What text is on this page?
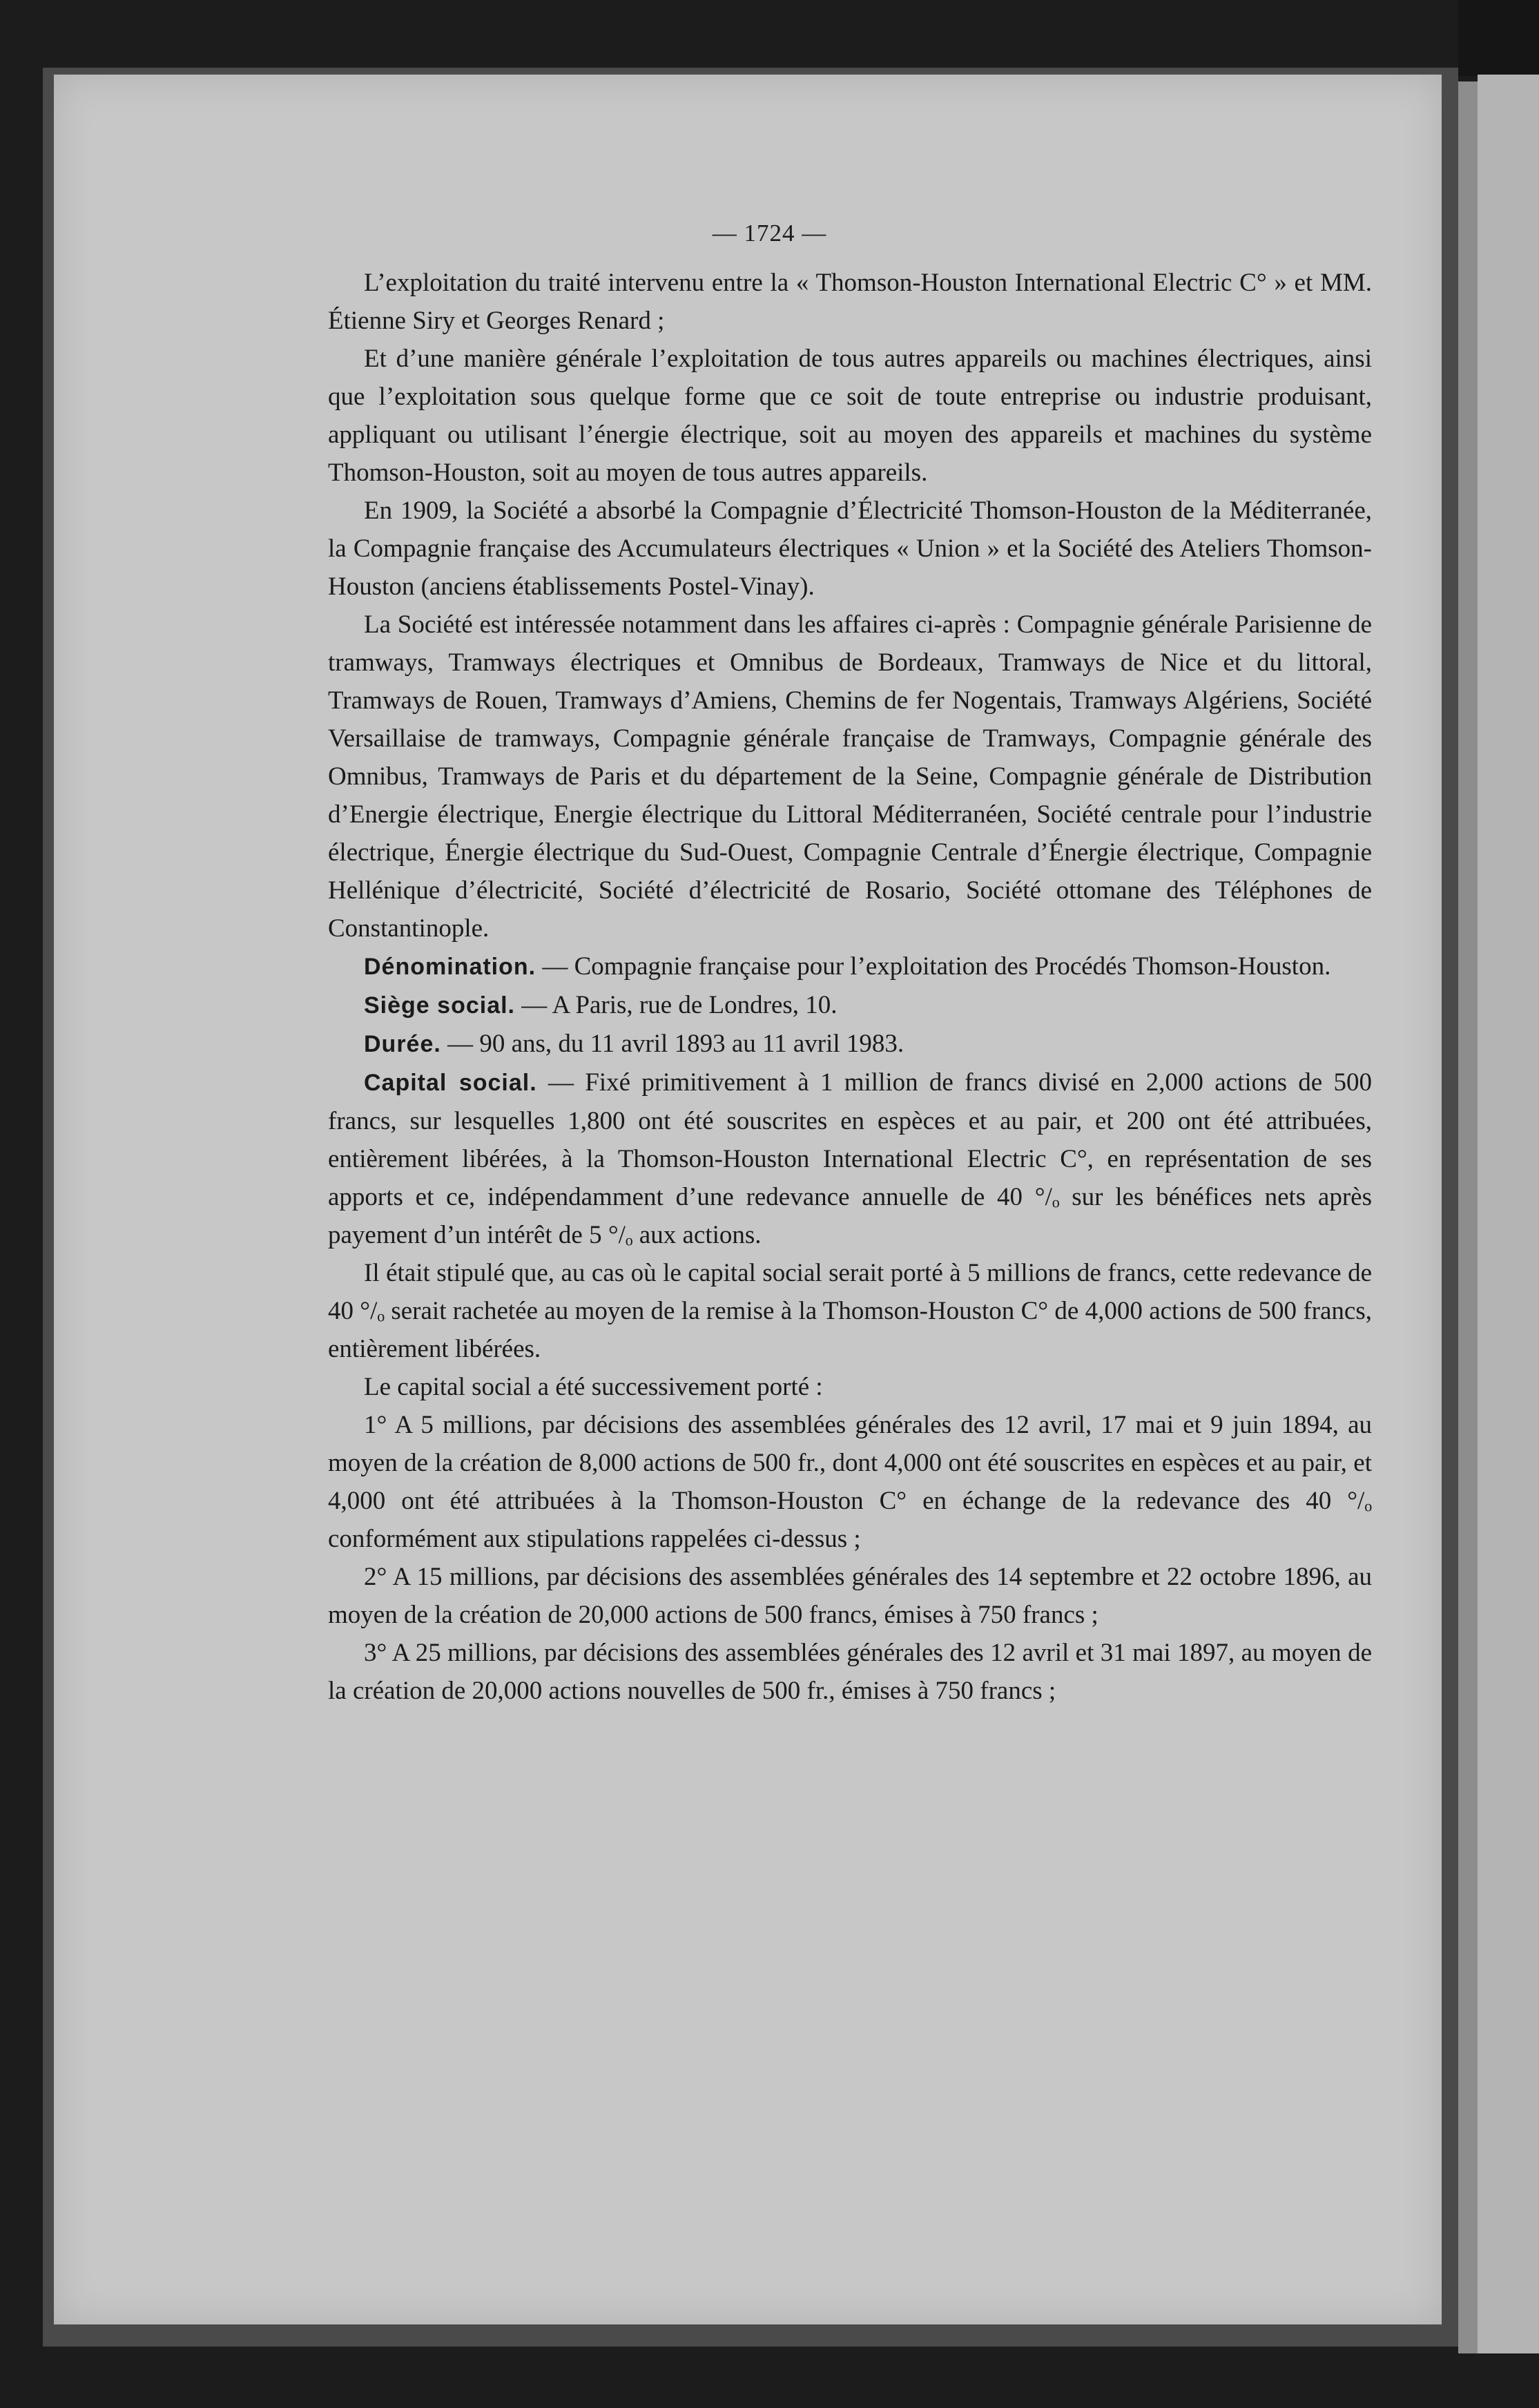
— 1724 —

L’exploitation du traité intervenu entre la « Thomson-Houston International Electric C° » et MM. Étienne Siry et Georges Renard ;

Et d’une manière générale l’exploitation de tous autres appareils ou machines électriques, ainsi que l’exploitation sous quelque forme que ce soit de toute entreprise ou industrie produisant, appliquant ou utilisant l’énergie électrique, soit au moyen des appareils et machines du système Thomson-Houston, soit au moyen de tous autres appareils.

En 1909, la Société a absorbé la Compagnie d’Électricité Thomson-Houston de la Méditerranée, la Compagnie française des Accumulateurs électriques « Union » et la Société des Ateliers Thomson-Houston (anciens établissements Postel-Vinay).

La Société est intéressée notamment dans les affaires ci-après : Compagnie générale Parisienne de tramways, Tramways électriques et Omnibus de Bordeaux, Tramways de Nice et du littoral, Tramways de Rouen, Tramways d’Amiens, Chemins de fer Nogentais, Tramways Algériens, Société Versaillaise de tramways, Compagnie générale française de Tramways, Compagnie générale des Omnibus, Tramways de Paris et du département de la Seine, Compagnie générale de Distribution d’Energie électrique, Energie électrique du Littoral Méditerranéen, Société centrale pour l’industrie électrique, Énergie électrique du Sud-Ouest, Compagnie Centrale d’Énergie électrique, Compagnie Hellénique d’électricité, Société d’électricité de Rosario, Société ottomane des Téléphones de Constantinople.

Dénomination. — Compagnie française pour l’exploitation des Procédés Thomson-Houston.

Siège social. — A Paris, rue de Londres, 10.

Durée. — 90 ans, du 11 avril 1893 au 11 avril 1983.

Capital social. — Fixé primitivement à 1 million de francs divisé en 2,000 actions de 500 francs, sur lesquelles 1,800 ont été souscrites en espèces et au pair, et 200 ont été attribuées, entièrement libérées, à la Thomson-Houston International Electric C°, en représentation de ses apports et ce, indépendamment d’une redevance annuelle de 40 °/ₒ sur les bénéfices nets après payement d’un intérêt de 5 °/ₒ aux actions.

Il était stipulé que, au cas où le capital social serait porté à 5 millions de francs, cette redevance de 40 °/ₒ serait rachetée au moyen de la remise à la Thomson-Houston C° de 4,000 actions de 500 francs, entièrement libérées.

Le capital social a été successivement porté :

1° A 5 millions, par décisions des assemblées générales des 12 avril, 17 mai et 9 juin 1894, au moyen de la création de 8,000 actions de 500 fr., dont 4,000 ont été souscrites en espèces et au pair, et 4,000 ont été attribuées à la Thomson-Houston C° en échange de la redevance des 40 °/ₒ conformément aux stipulations rappelées ci-dessus ;

2° A 15 millions, par décisions des assemblées générales des 14 septembre et 22 octobre 1896, au moyen de la création de 20,000 actions de 500 francs, émises à 750 francs ;

3° A 25 millions, par décisions des assemblées générales des 12 avril et 31 mai 1897, au moyen de la création de 20,000 actions nouvelles de 500 fr., émises à 750 francs ;
